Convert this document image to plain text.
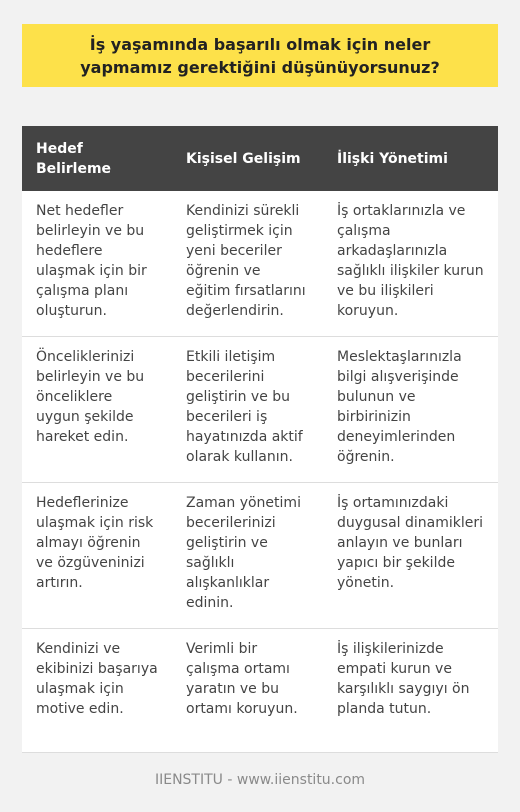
İş yaşamında başarılı olmak için neler yapmamız gerektiğini düşünüyorsunuz?
Hedef Belirleme	Kişisel Gelişim	İlişki Yönetimi
Net hedefler belirleyin ve bu hedeflere ulaşmak için bir çalışma planı oluşturun.	Kendinizi sürekli geliştirmek için yeni beceriler öğrenin ve eğitim fırsatlarını değerlendirin.	İş ortaklarınızla ve çalışma arkadaşlarınızla sağlıklı ilişkiler kurun ve bu ilişkileri koruyun.
Önceliklerinizi belirleyin ve bu önceliklere uygun şekilde hareket edin.	Etkili iletişim becerilerini geliştirin ve bu becerileri iş hayatınızda aktif olarak kullanın.	Meslektaşlarınızla bilgi alışverişinde bulunun ve birbirinizin deneyimlerinden öğrenin.
Hedeflerinize ulaşmak için risk almayı öğrenin ve özgüveninizi artırın.	Zaman yönetimi becerilerinizi geliştirin ve sağlıklı alışkanlıklar edinin.	İş ortamınızdaki duygusal dinamikleri anlayın ve bunları yapıcı bir şekilde yönetin.
Kendinizi ve ekibinizi başarıya ulaşmak için motive edin.	Verimli bir çalışma ortamı yaratın ve bu ortamı koruyun.	İş ilişkilerinizde empati kurun ve karşılıklı saygıyı ön planda tutun.
IIENSTITU - www.iienstitu.com
